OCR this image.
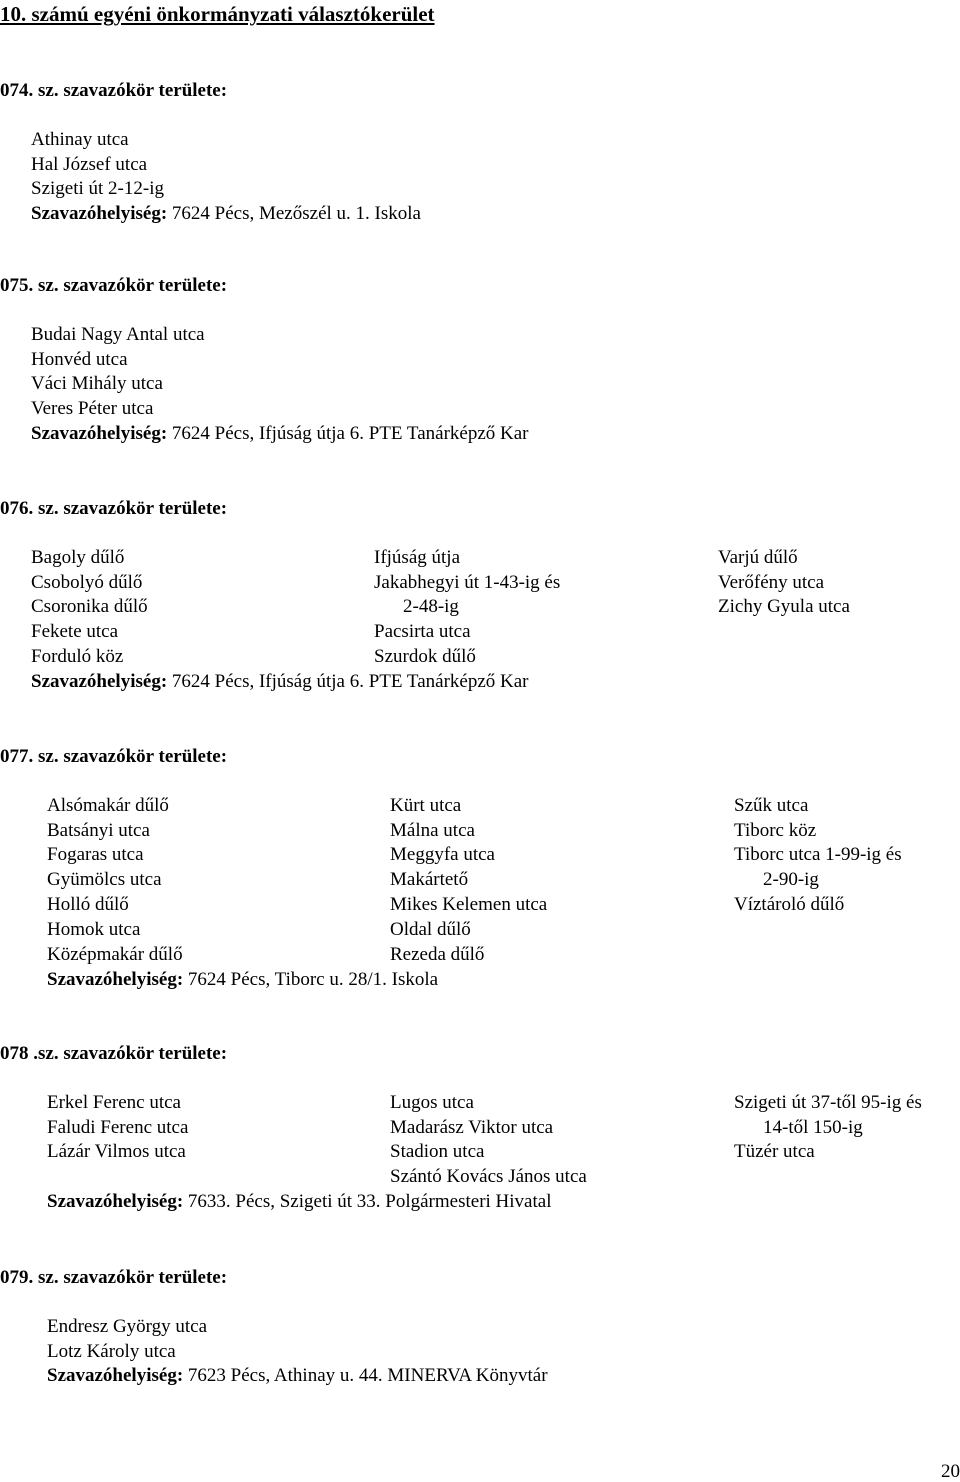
10. számú egyéni önkormányzati választókerület
074. sz. szavazókör területe:
Athinay utca
Hal József utca
Szigeti út 2-12-ig
Szavazóhelyiség: 7624 Pécs, Mezőszél u. 1. Iskola
075. sz. szavazókör területe:
Budai Nagy Antal utca
Honvéd utca
Váci Mihály utca
Veres Péter utca
Szavazóhelyiség: 7624 Pécs, Ifjúság útja 6. PTE Tanárképző Kar
076. sz. szavazókör területe:
Bagoly dűlő
Csobolyó dűlő
Csoronika dűlő
Fekete utca
Forduló köz
Ifjúság útja
Jakabhegyi út 1-43-ig és
2-48-ig
Pacsirta utca
Szurdok dűlő
Varjú dűlő
Verőfény utca
Zichy Gyula utca
Szavazóhelyiség: 7624 Pécs, Ifjúság útja 6. PTE Tanárképző Kar
077. sz. szavazókör területe:
Alsómakár dűlő
Batsányi utca
Fogaras utca
Gyümölcs utca
Holló dűlő
Homok utca
Középmakár dűlő
Kürt utca
Málna utca
Meggyfa utca
Makártető
Mikes Kelemen utca
Oldal dűlő
Rezeda dűlő
Szűk utca
Tiborc köz
Tiborc utca 1-99-ig és
2-90-ig
Víztároló dűlő
Szavazóhelyiség: 7624 Pécs, Tiborc u. 28/1. Iskola
078 .sz. szavazókör területe:
Erkel Ferenc utca
Faludi Ferenc utca
Lázár Vilmos utca
Lugos utca
Madarász Viktor utca
Stadion utca
Szántó Kovács János utca
Szigeti út 37-től 95-ig és
14-től 150-ig
Tüzér utca
Szavazóhelyiség: 7633. Pécs, Szigeti út 33. Polgármesteri Hivatal
079. sz. szavazókör területe:
Endresz György utca
Lotz Károly utca
Szavazóhelyiség: 7623 Pécs, Athinay u. 44. MINERVA Könyvtár
20
